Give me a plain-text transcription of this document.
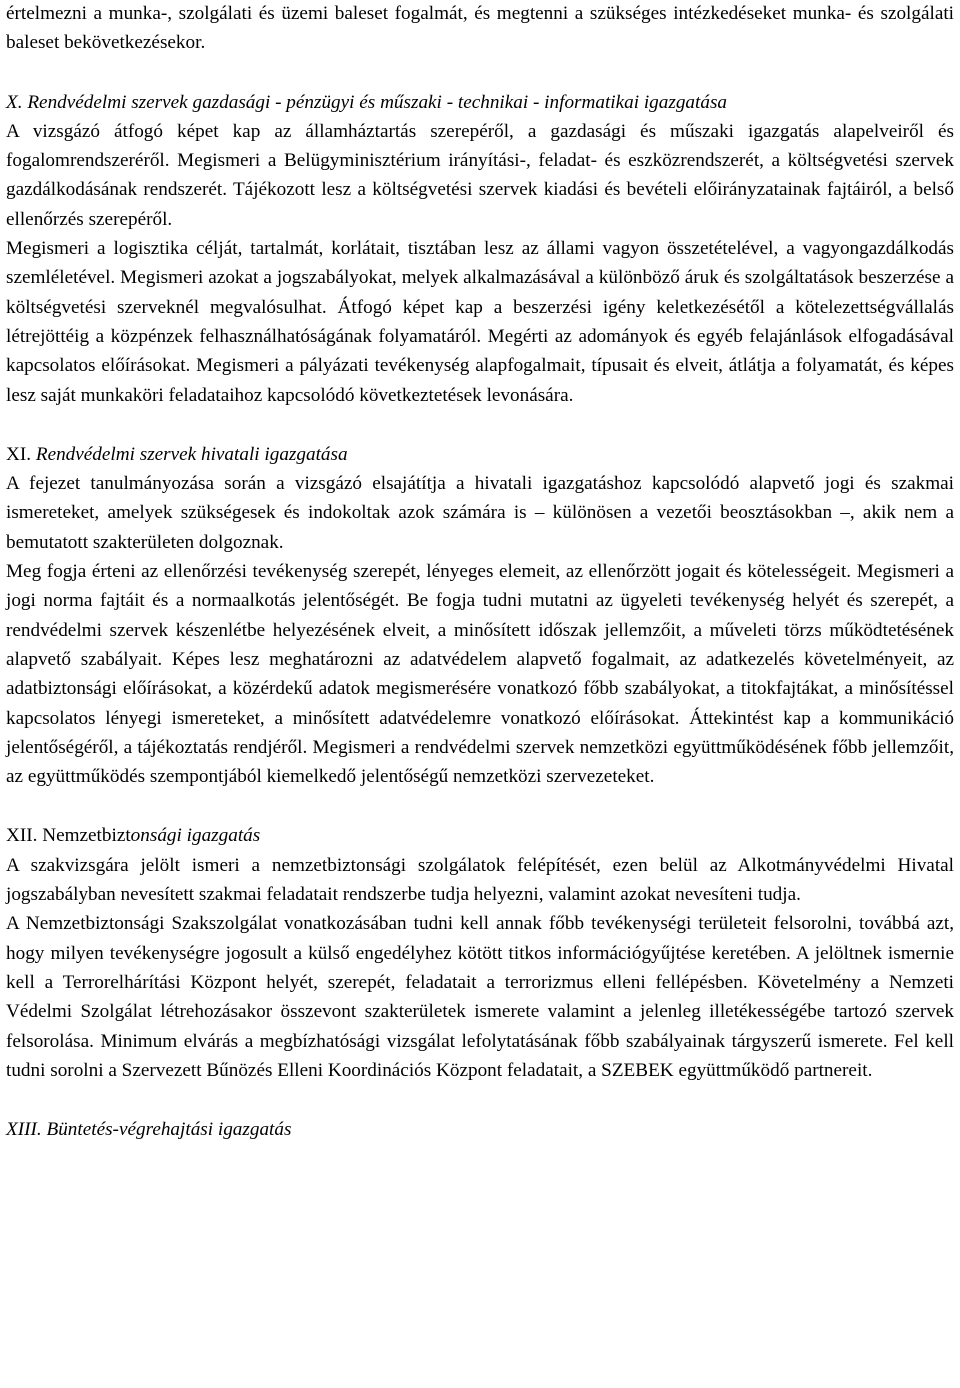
értelmezni a munka-, szolgálati és üzemi baleset fogalmát, és megtenni a szükséges intézkedéseket munka- és szolgálati baleset bekövetkezésekor.

X. Rendvédelmi szervek gazdasági - pénzügyi és műszaki - technikai - informatikai igazgatása

A vizsgázó átfogó képet kap az államháztartás szerepéről, a gazdasági és műszaki igazgatás alapelveiről és fogalomrendszeréről. Megismeri a Belügyminisztérium irányítási-, feladat- és eszközrendszerét, a költségvetési szervek gazdálkodásának rendszerét. Tájékozott lesz a költségvetési szervek kiadási és bevételi előirányzatainak fajtáiról, a belső ellenőrzés szerepéről.

Megismeri a logisztika célját, tartalmát, korlátait, tisztában lesz az állami vagyon összetételével, a vagyongazdálkodás szemléletével. Megismeri azokat a jogszabályokat, melyek alkalmazásával a különböző áruk és szolgáltatások beszerzése a költségvetési szerveknél megvalósulhat. Átfogó képet kap a beszerzési igény keletkezésétől a kötelezettségvállalás létrejöttéig a közpénzek felhasználhatóságának folyamatáról. Megérti az adományok és egyéb felajánlások elfogadásával kapcsolatos előírásokat. Megismeri a pályázati tevékenység alapfogalmait, típusait és elveit, átlátja a folyamatát, és képes lesz saját munkaköri feladataihoz kapcsolódó következtetések levonására.

XI. Rendvédelmi szervek hivatali igazgatása

A fejezet tanulmányozása során a vizsgázó elsajátítja a hivatali igazgatáshoz kapcsolódó alapvető jogi és szakmai ismereteket, amelyek szükségesek és indokoltak azok számára is – különösen a vezetői beosztásokban –, akik nem a bemutatott szakterületen dolgoznak.

Meg fogja érteni az ellenőrzési tevékenység szerepét, lényeges elemeit, az ellenőrzött jogait és kötelességeit. Megismeri a jogi norma fajtáit és a normaalkotás jelentőségét. Be fogja tudni mutatni az ügyeleti tevékenység helyét és szerepét, a rendvédelmi szervek készenlétbe helyezésének elveit, a minősített időszak jellemzőit, a műveleti törzs működtetésének alapvető szabályait. Képes lesz meghatározni az adatvédelem alapvető fogalmait, az adatkezelés követelményeit, az adatbiztonsági előírásokat, a közérdekű adatok megismerésére vonatkozó főbb szabályokat, a titokfajtákat, a minősítéssel kapcsolatos lényegi ismereteket, a minősített adatvédelemre vonatkozó előírásokat. Áttekintést kap a kommunikáció jelentőségéről, a tájékoztatás rendjéről. Megismeri a rendvédelmi szervek nemzetközi együttműködésének főbb jellemzőit, az együttműködés szempontjából kiemelkedő jelentőségű nemzetközi szervezeteket.

XII. Nemzetbiztonsági igazgatás

A szakvizsgára jelölt ismeri a nemzetbiztonsági szolgálatok felépítését, ezen belül az Alkotmányvédelmi Hivatal jogszabályban nevesített szakmai feladatait rendszerbe tudja helyezni, valamint azokat nevesíteni tudja.

A Nemzetbiztonsági Szakszolgálat vonatkozásában tudni kell annak főbb tevékenységi területeit felsorolni, továbbá azt, hogy milyen tevékenységre jogosult a külső engedélyhez kötött titkos információgyűjtése keretében. A jelöltnek ismernie kell a Terrorelhárítási Központ helyét, szerepét, feladatait a terrorizmus elleni fellépésben. Követelmény a Nemzeti Védelmi Szolgálat létrehozásakor összevont szakterületek ismerete valamint a jelenleg illetékességébe tartozó szervek felsorolása. Minimum elvárás a megbízhatósági vizsgálat lefolytatásának főbb szabályainak tárgyszerű ismerete. Fel kell tudni sorolni a Szervezett Bűnözés Elleni Koordinációs Központ feladatait, a SZEBEK együttműködő partnereit.

XIII. Büntetés-végrehajtási igazgatás
